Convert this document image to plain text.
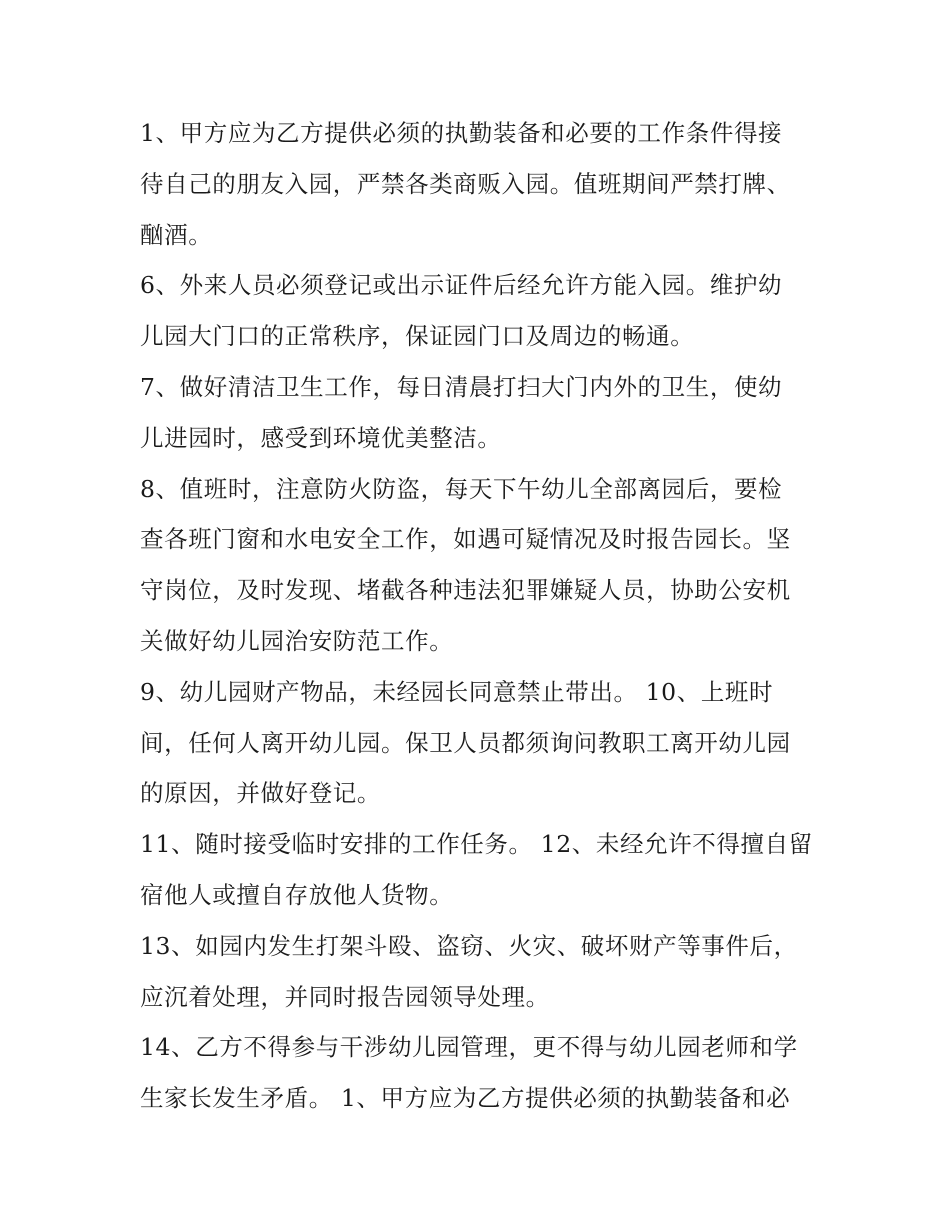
1、甲方应为乙方提供必须的执勤装备和必要的工作条件得接
待自己的朋友入园，严禁各类商贩入园。值班期间严禁打牌、
酗酒。

6、外来人员必须登记或出示证件后经允许方能入园。维护幼
儿园大门口的正常秩序，保证园门口及周边的畅通。

7、做好清洁卫生工作，每日清晨打扫大门内外的卫生，使幼
儿进园时，感受到环境优美整洁。

8、值班时，注意防火防盗，每天下午幼儿全部离园后，要检
查各班门窗和水电安全工作，如遇可疑情况及时报告园长。坚
守岗位，及时发现、堵截各种违法犯罪嫌疑人员，协助公安机
关做好幼儿园治安防范工作。

9、幼儿园财产物品，未经园长同意禁止带出。 10、上班时
间，任何人离开幼儿园。保卫人员都须询问教职工离开幼儿园
的原因，并做好登记。

11、随时接受临时安排的工作任务。 12、未经允许不得擅自留
宿他人或擅自存放他人货物。

13、如园内发生打架斗殴、盗窃、火灾、破坏财产等事件后，
应沉着处理，并同时报告园领导处理。

14、乙方不得参与干涉幼儿园管理，更不得与幼儿园老师和学
生家长发生矛盾。 1、甲方应为乙方提供必须的执勤装备和必
